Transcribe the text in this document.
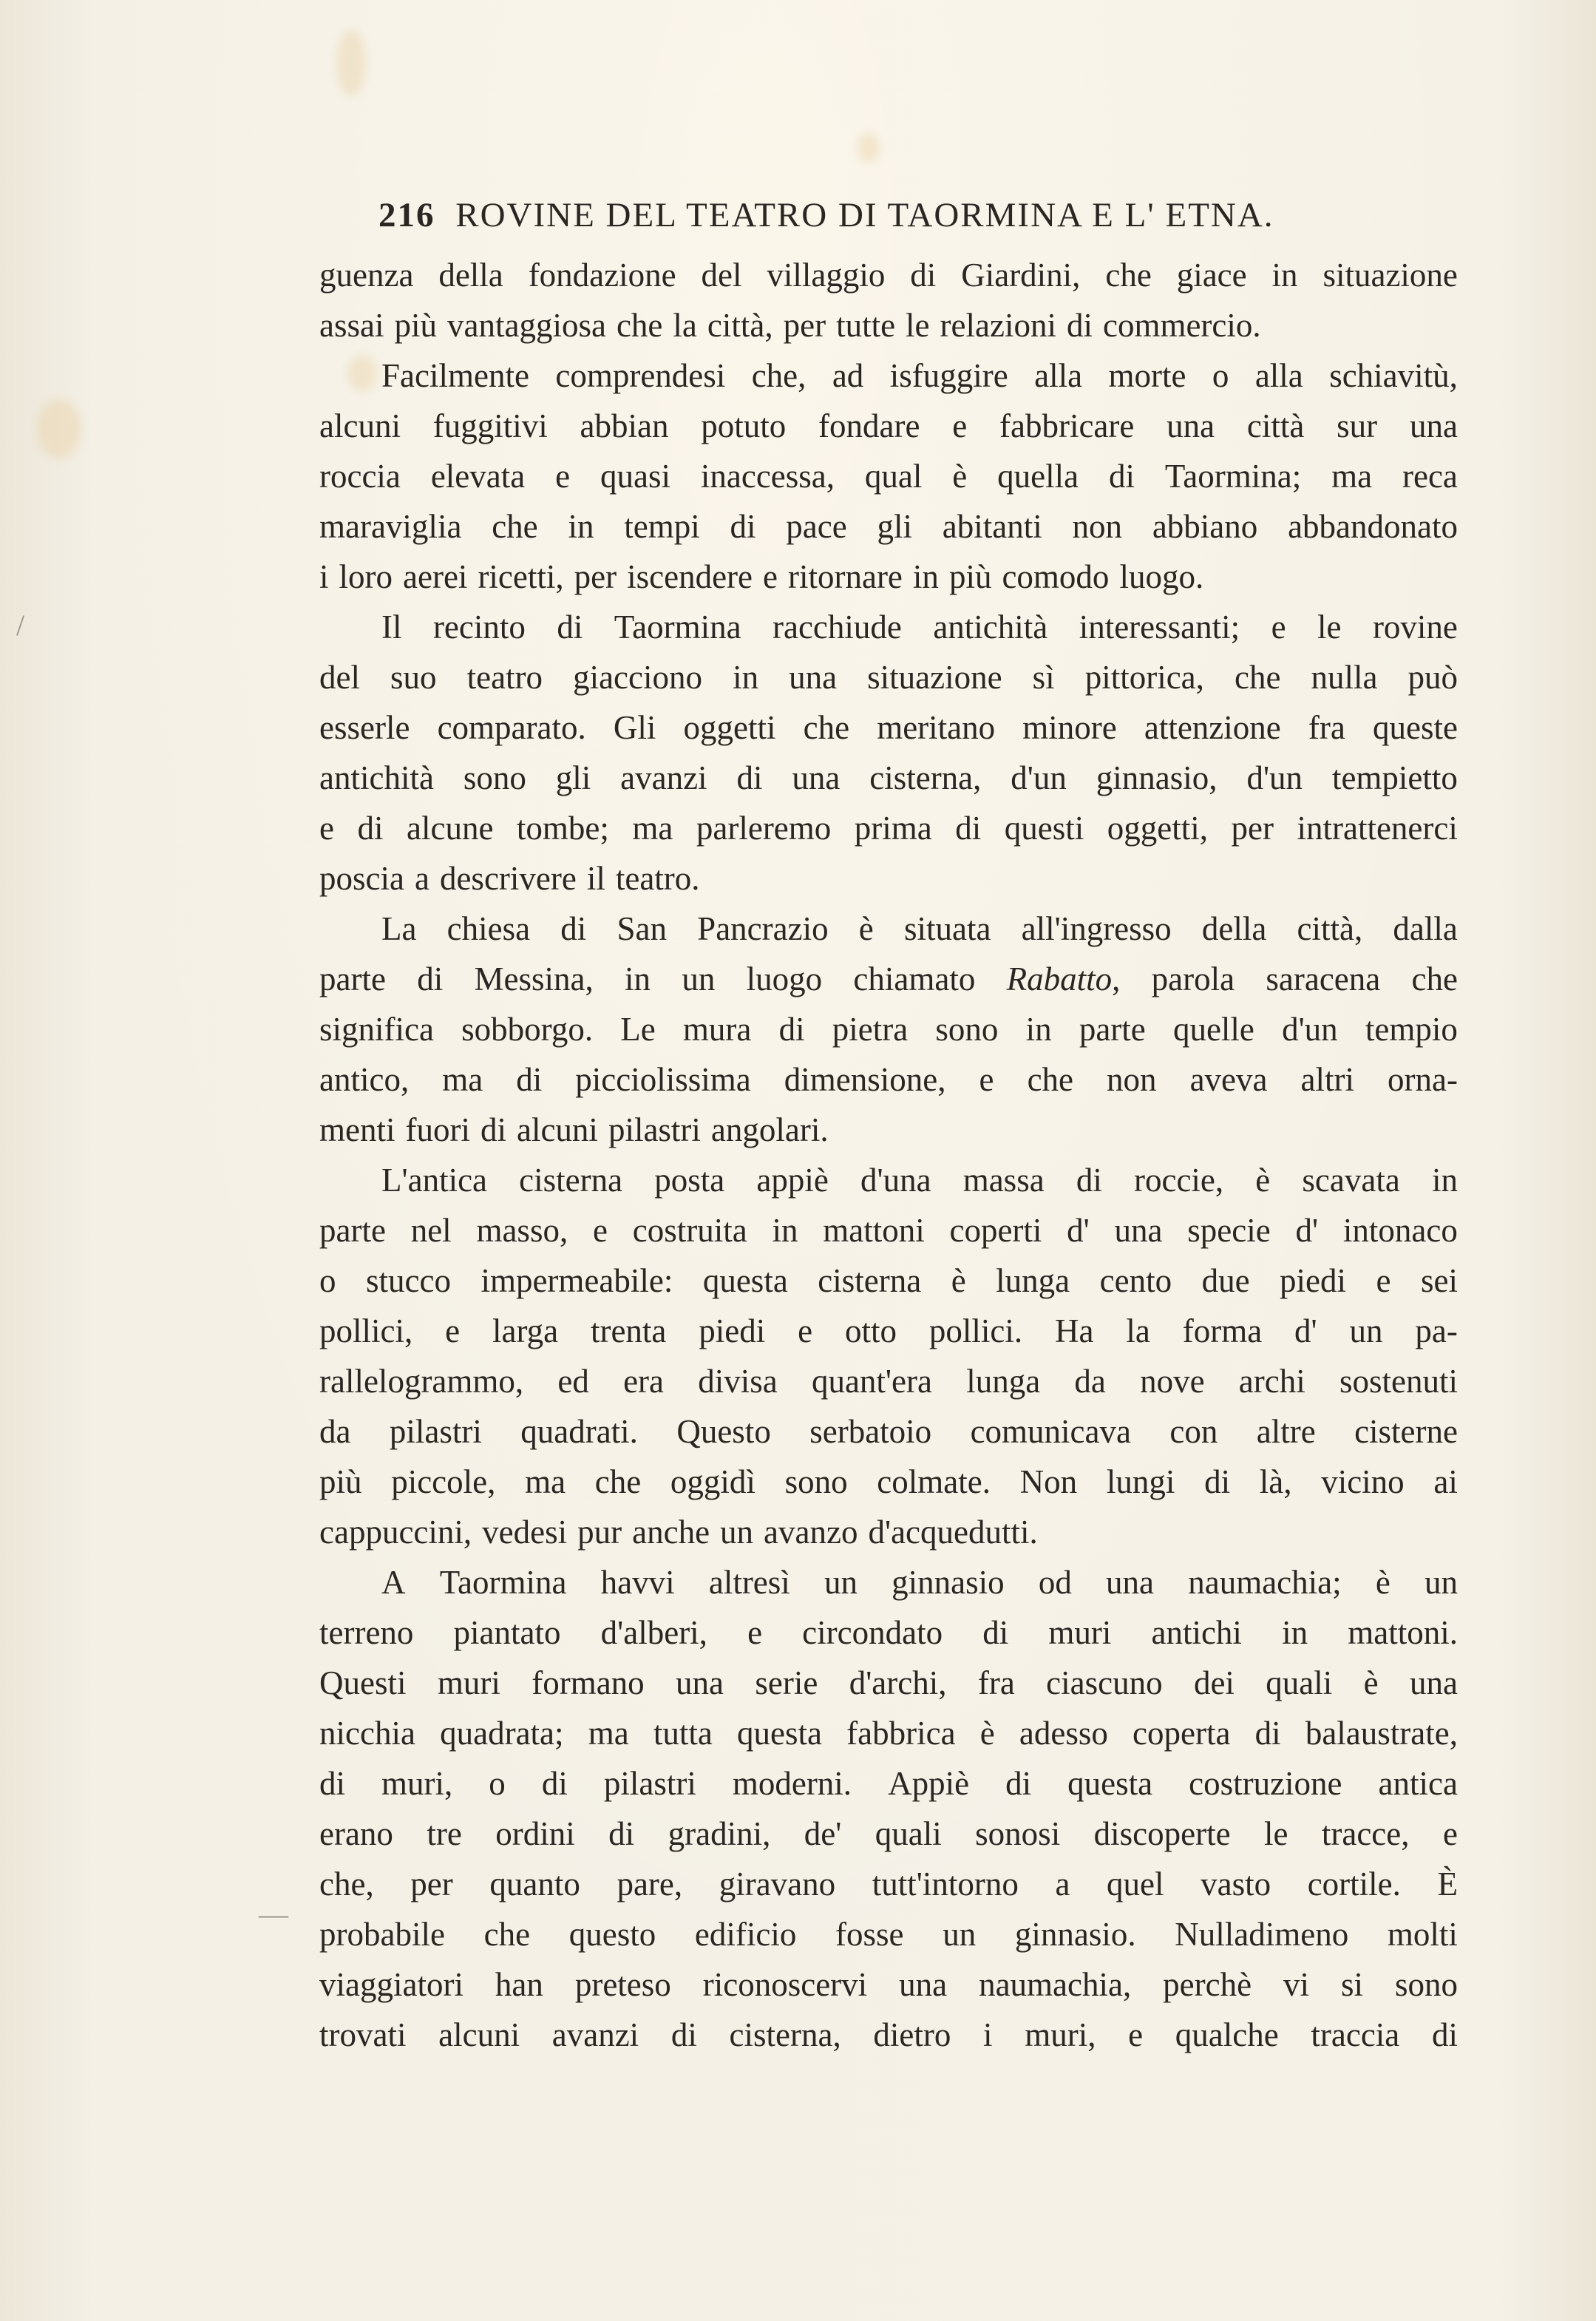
/
—
216 ROVINE DEL TEATRO DI TAORMINA E L' ETNA.
guenza della fondazione del villaggio di Giardini, che giace in situazione
assai più vantaggiosa che la città, per tutte le relazioni di commercio.
Facilmente comprendesi che, ad isfuggire alla morte o alla schiavitù,
alcuni fuggitivi abbian potuto fondare e fabbricare una città sur una
roccia elevata e quasi inaccessa, qual è quella di Taormina; ma reca
maraviglia che in tempi di pace gli abitanti non abbiano abbandonato
i loro aerei ricetti, per iscendere e ritornare in più comodo luogo.
Il recinto di Taormina racchiude antichità interessanti; e le rovine
del suo teatro giacciono in una situazione sì pittorica, che nulla può
esserle comparato. Gli oggetti che meritano minore attenzione fra queste
antichità sono gli avanzi di una cisterna, d'un ginnasio, d'un tempietto
e di alcune tombe; ma parleremo prima di questi oggetti, per intrattenerci
poscia a descrivere il teatro.
La chiesa di San Pancrazio è situata all'ingresso della città, dalla
parte di Messina, in un luogo chiamato Rabatto, parola saracena che
significa sobborgo. Le mura di pietra sono in parte quelle d'un tempio
antico, ma di picciolissima dimensione, e che non aveva altri orna-
menti fuori di alcuni pilastri angolari.
L'antica cisterna posta appiè d'una massa di roccie, è scavata in
parte nel masso, e costruita in mattoni coperti d' una specie d' intonaco
o stucco impermeabile: questa cisterna è lunga cento due piedi e sei
pollici, e larga trenta piedi e otto pollici. Ha la forma d' un pa-
rallelogrammo, ed era divisa quant'era lunga da nove archi sostenuti
da pilastri quadrati. Questo serbatoio comunicava con altre cisterne
più piccole, ma che oggidì sono colmate. Non lungi di là, vicino ai
cappuccini, vedesi pur anche un avanzo d'acquedutti.
A Taormina havvi altresì un ginnasio od una naumachia; è un
terreno piantato d'alberi, e circondato di muri antichi in mattoni.
Questi muri formano una serie d'archi, fra ciascuno dei quali è una
nicchia quadrata; ma tutta questa fabbrica è adesso coperta di balaustrate,
di muri, o di pilastri moderni. Appiè di questa costruzione antica
erano tre ordini di gradini, de' quali sonosi discoperte le tracce, e
che, per quanto pare, giravano tutt'intorno a quel vasto cortile. È
probabile che questo edificio fosse un ginnasio. Nulladimeno molti
viaggiatori han preteso riconoscervi una naumachia, perchè vi si sono
trovati alcuni avanzi di cisterna, dietro i muri, e qualche traccia di
